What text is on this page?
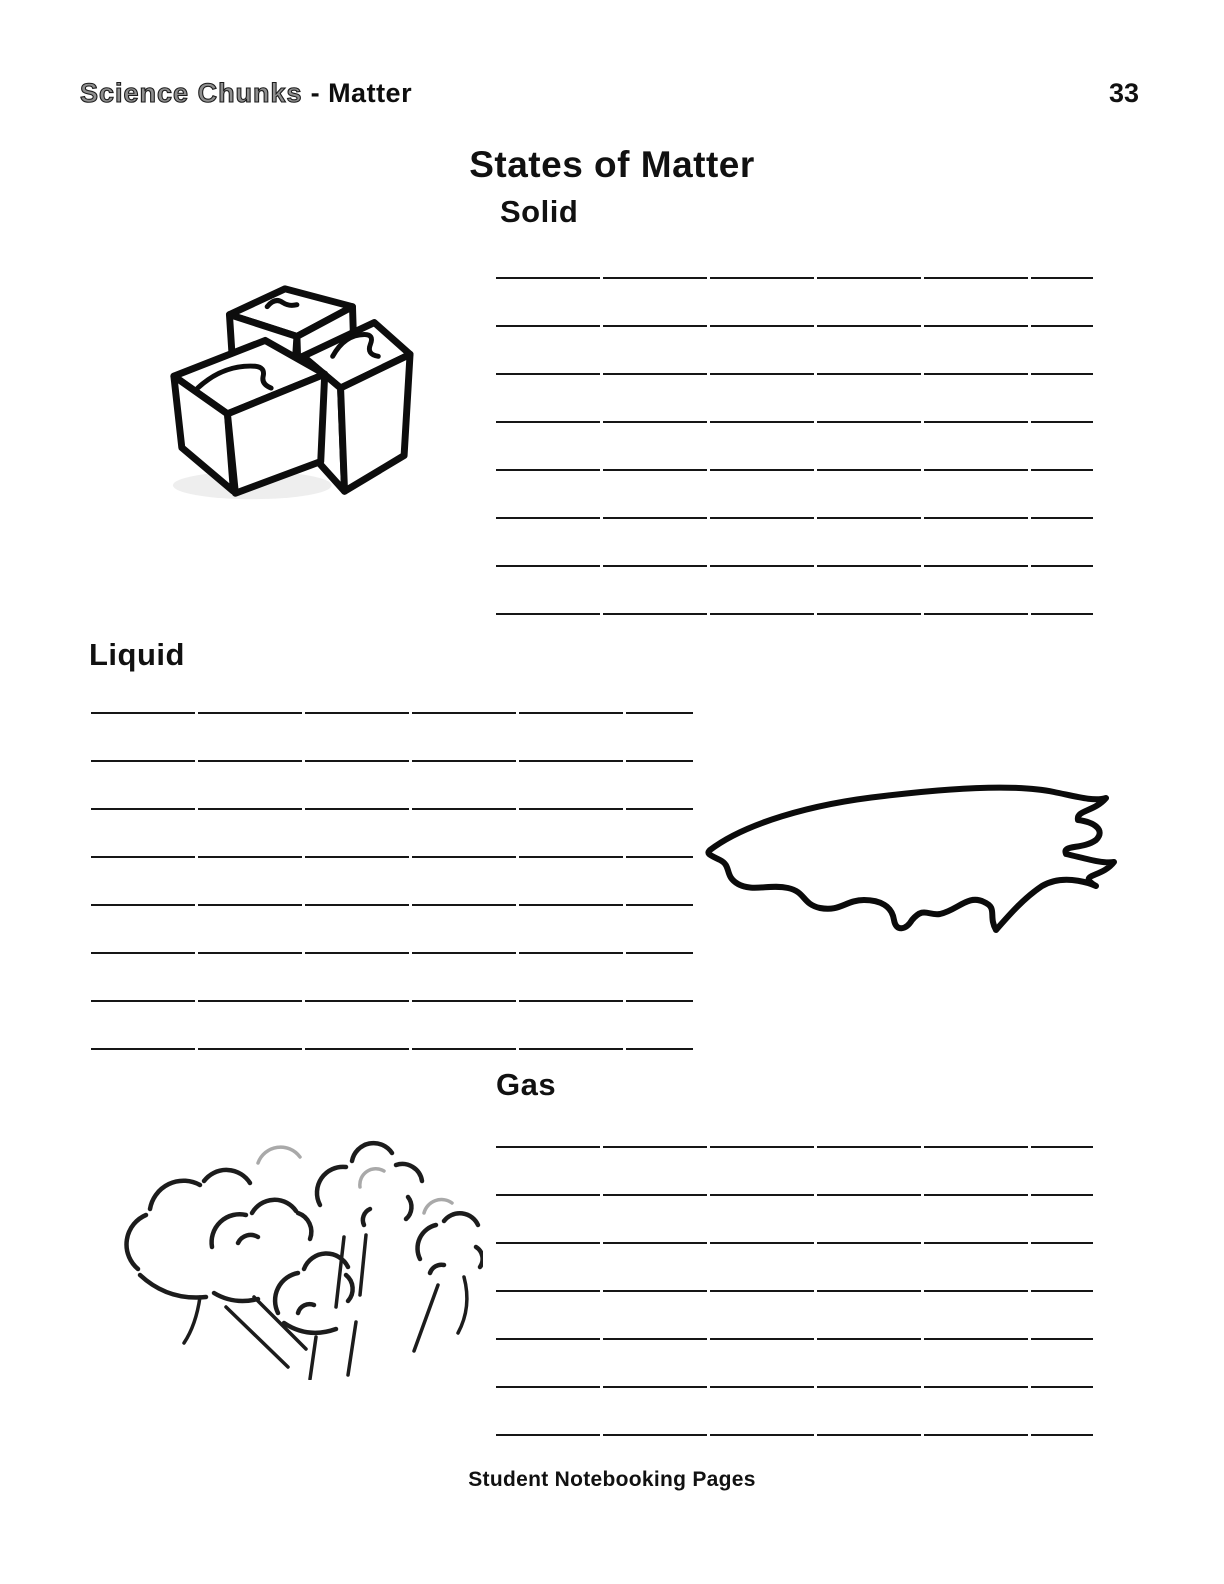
Science Chunks - Matter	33
States of Matter
Solid
Liquid
Gas
Student Notebooking Pages
